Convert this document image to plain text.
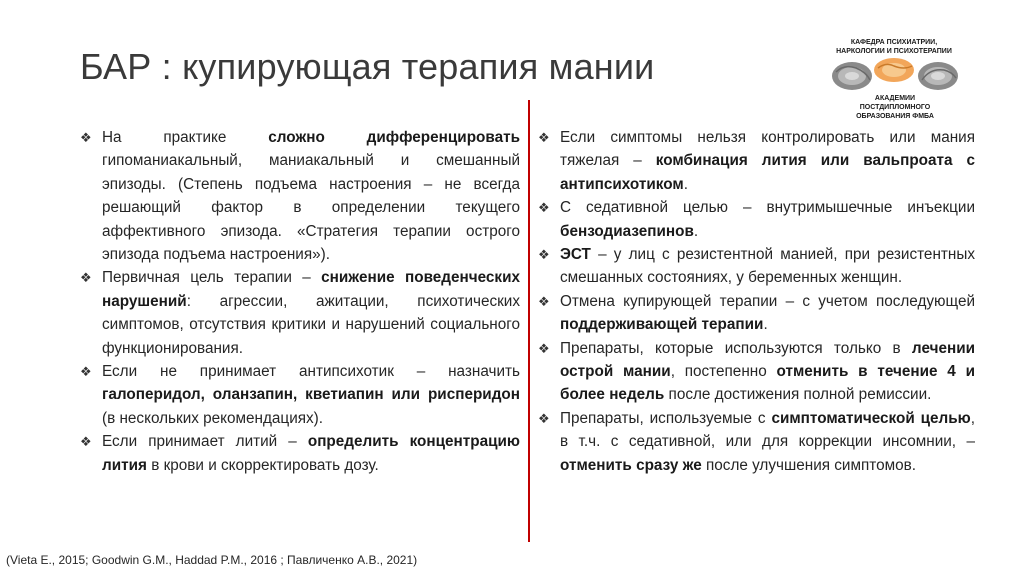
БАР : купирующая терапия мании
КАФЕДРА ПСИХИАТРИИ, НАРКОЛОГИИ И ПСИХОТЕРАПИИ
АКАДЕМИИ ПОСТДИПЛОМНОГО ОБРАЗОВАНИЯ ФМБА

❖ На практике сложно дифференцировать гипоманиакальный, маниакальный и смешанный эпизоды. (Степень подъема настроения – не всегда решающий фактор в определении текущего аффективного эпизода. «Стратегия терапии острого эпизода подъема настроения»).

❖ Первичная цель терапии – снижение поведенческих нарушений: агрессии, ажитации, психотических симптомов, отсутствия критики и нарушений социального функционирования.

❖ Если не принимает антипсихотик – назначить галоперидол, оланзапин, кветиапин или рисперидон (в нескольких рекомендациях).

❖ Если принимает литий – определить концентрацию лития в крови и скорректировать дозу.

❖ Если симптомы нельзя контролировать или мания тяжелая – комбинация лития или вальпроата с антипсихотиком.

❖ С седативной целью – внутримышечные инъекции бензодиазепинов.

❖ ЭСТ – у лиц с резистентной манией, при резистентных смешанных состояниях, у беременных женщин.

❖ Отмена купирующей терапии – с учетом последующей поддерживающей терапии.

❖ Препараты, которые используются только в лечении острой мании, постепенно отменить в течение 4 и более недель после достижения полной ремиссии.

❖ Препараты, используемые с симптоматической целью, в т.ч. с седативной, или для коррекции инсомнии, – отменить сразу же после улучшения симптомов.

(Vieta E., 2015; Goodwin G.M., Haddad P.M., 2016 ; Павличенко А.В., 2021)
